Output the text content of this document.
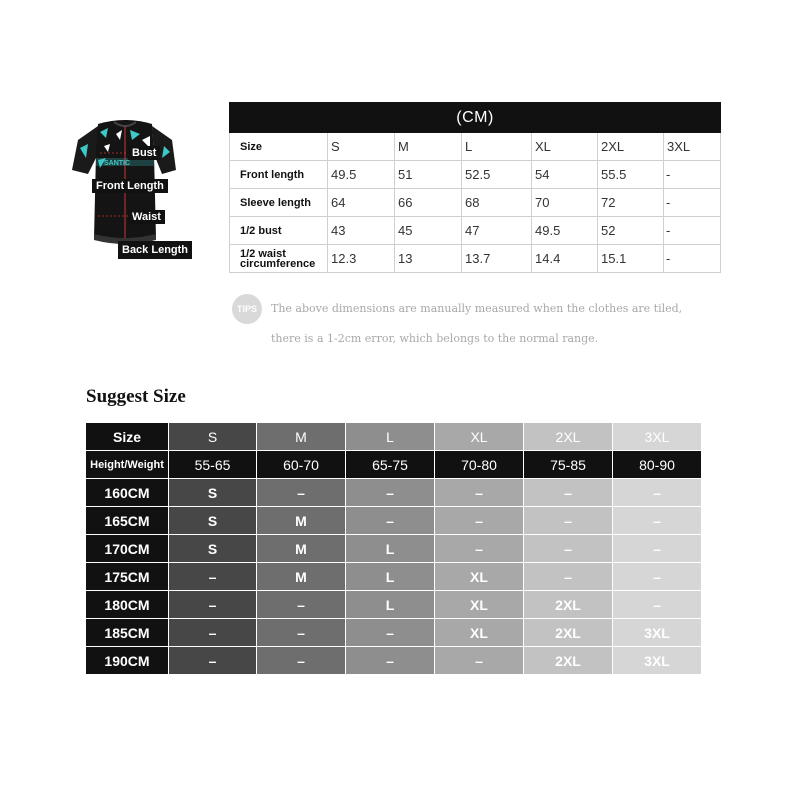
SANTIC
Bust
Front Length
Waist
Back Length
(CM)						
Size	S	M	L	XL	2XL	3XL
Front length	49.5	51	52.5	54	55.5	-
Sleeve length	64	66	68	70	72	-
1/2 bust	43	45	47	49.5	52	-

1/2 waist
circumference	12.3	13	13.7	14.4	15.1	-
TIPS	The above dimensions are manually measured when the clothes are tiled,
there is a 1-2cm error, which belongs to the normal range.
Suggest Size
Size	S	M	L	XL	2XL	3XL
Height/Weight	55-65	60-70	65-75	70-80	75-85	80-90
160CM	S	–	–	–	–	–
165CM	S	M	–	–	–	–
170CM	S	M	L	–	–	–
175CM	–	M	L	XL	–	–
180CM	–	–	L	XL	2XL	–
185CM	–	–	–	XL	2XL	3XL
190CM	–	–	–	–	2XL	3XL
